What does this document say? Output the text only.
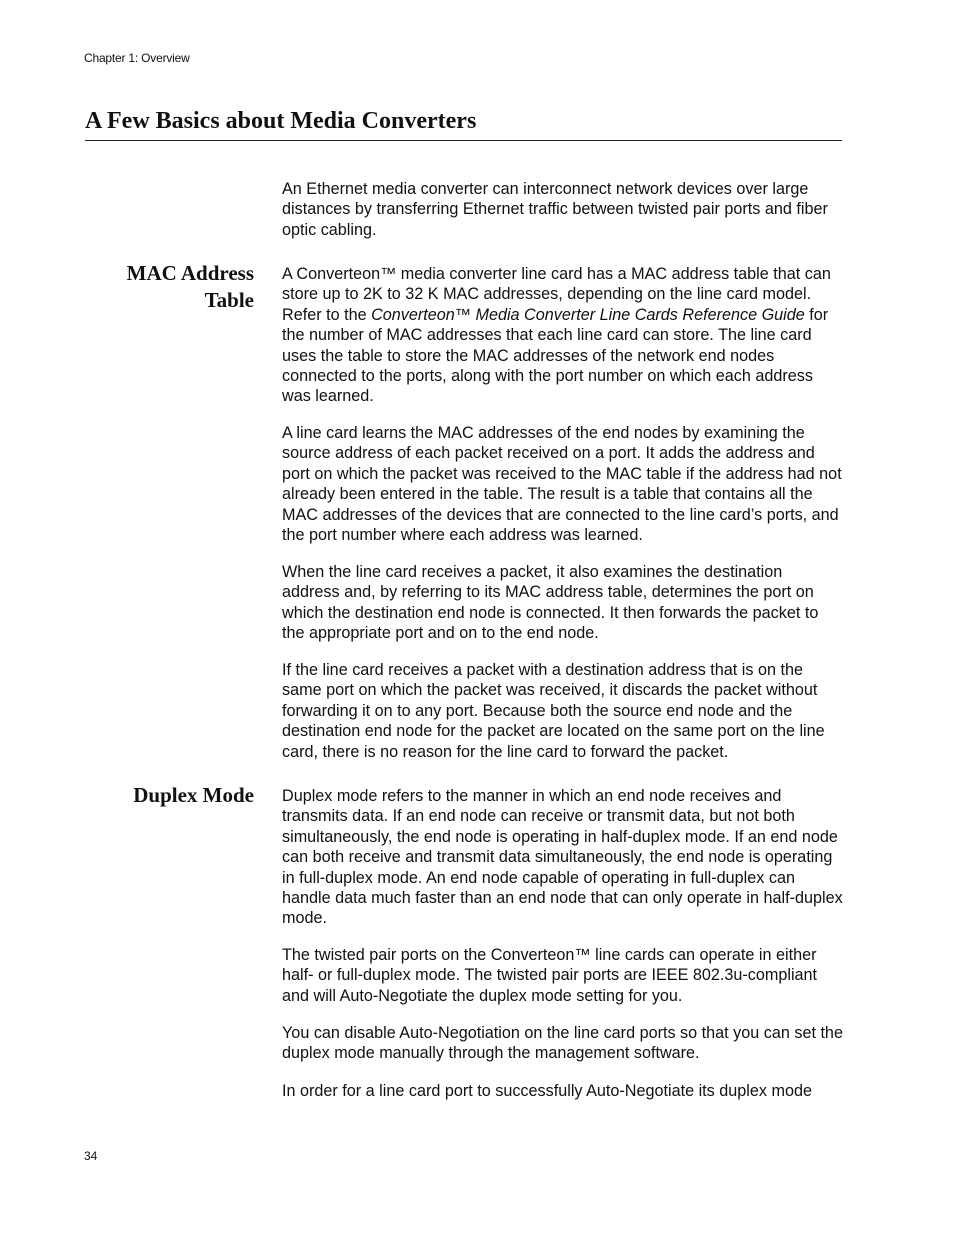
Chapter 1: Overview
A Few Basics about Media Converters

An Ethernet media converter can interconnect network devices over large distances by transferring Ethernet traffic between twisted pair ports and fiber optic cabling.

MAC Address
Table

A Converteon™ media converter line card has a MAC address table that can store up to 2K to 32 K MAC addresses, depending on the line card model. Refer to the Converteon™ Media Converter Line Cards Reference Guide for the number of MAC addresses that each line card can store. The line card uses the table to store the MAC addresses of the network end nodes connected to the ports, along with the port number on which each address was learned.

A line card learns the MAC addresses of the end nodes by examining the source address of each packet received on a port. It adds the address and port on which the packet was received to the MAC table if the address had not already been entered in the table. The result is a table that contains all the MAC addresses of the devices that are connected to the line card’s ports, and the port number where each address was learned.

When the line card receives a packet, it also examines the destination address and, by referring to its MAC address table, determines the port on which the destination end node is connected. It then forwards the packet to the appropriate port and on to the end node.

If the line card receives a packet with a destination address that is on the same port on which the packet was received, it discards the packet without forwarding it on to any port. Because both the source end node and the destination end node for the packet are located on the same port on the line card, there is no reason for the line card to forward the packet.

Duplex Mode Duplex mode refers to the manner in which an end node receives and transmits data. If an end node can receive or transmit data, but not both simultaneously, the end node is operating in half-duplex mode. If an end node can both receive and transmit data simultaneously, the end node is operating in full-duplex mode. An end node capable of operating in full-duplex can handle data much faster than an end node that can only operate in half-duplex mode.

The twisted pair ports on the Converteon™ line cards can operate in either half- or full-duplex mode. The twisted pair ports are IEEE 802.3u-compliant and will Auto-Negotiate the duplex mode setting for you.

You can disable Auto-Negotiation on the line card ports so that you can set the duplex mode manually through the management software.

In order for a line card port to successfully Auto-Negotiate its duplex mode

34
